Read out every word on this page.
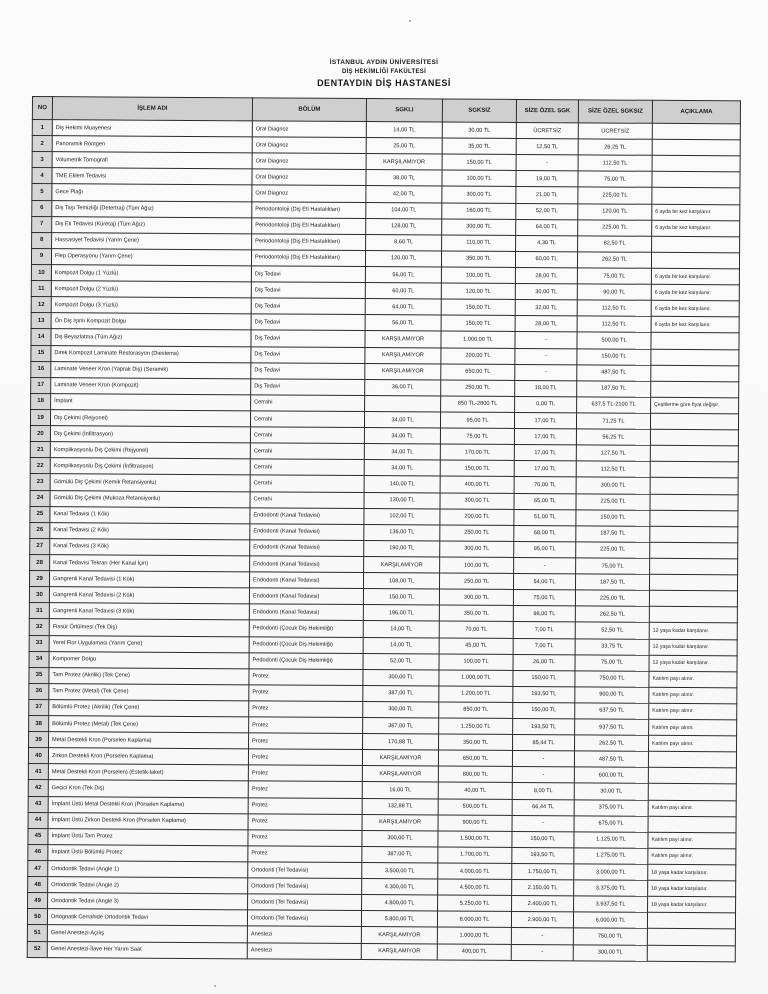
İSTANBUL AYDIN ÜNİVERSİTESİ
DİŞ HEKİMLİĞİ FAKÜLTESİ
DENTAYDIN DİŞ HASTANESİ
NO	İŞLEM ADI	BÖLÜM	SGKLI	SGKSIZ	SİZE ÖZEL SGK	SİZE ÖZEL SGKSIZ	AÇIKLAMA
1	Diş Hekimi Muayenesi	Oral Diagnoz	14,00 TL	30,00 TL	ÜCRETSİZ	ÜCRETSİZ	
2	Panoramik Röntgen	Oral Diagnoz	25,00 TL	35,00 TL	12,50 TL	26,25 TL	
3	Volumetrik Tomografi	Oral Diagnoz	KARŞILAMIYOR	150,00 TL	-	112,50 TL	
4	TME Eklem Tedavisi	Oral Diagnoz	38,00 TL	100,00 TL	19,00 TL	75,00 TL	
5	Gece Plağı	Oral Diagnoz	42,00 TL	300,00 TL	21,00 TL	225,00 TL	
6	Diş Taşı Temizliği (Detertraj) (Tüm Ağız)	Periodontoloji (Diş Eti Hastalıkları)	104,00 TL	160,00 TL	52,00 TL	120,00 TL	6 ayda bir kez karşılanır.
7	Diş Eti Tedavisi (Küretaj) (Tüm Ağız)	Periodontoloji (Diş Eti Hastalıkları)	128,00 TL	300,00 TL	64,00 TL	225,00 TL	6 ayda bir kez karşılanır.
8	Hassasiyet Tedavisi (Yarım Çene)	Periodontoloji (Diş Eti Hastalıkları)	8,60 TL	110,00 TL	4,30 TL	82,50 TL	
9	Flep Operasyonu (Yarım Çene)	Periodontoloji (Diş Eti Hastalıkları)	120,00 TL	350,00 TL	60,00 TL	262,50 TL	
10	Kompozit Dolgu (1 Yüzlü)	Diş Tedavi	56,00 TL	100,00 TL	28,00 TL	75,00 TL	6 ayda bir kez karşılanır.
11	Kompozit Dolgu (2 Yüzlü)	Diş Tedavi	60,00 TL	120,00 TL	30,00 TL	90,00 TL	6 ayda bir kez karşılanır.
12	Kompozit Dolgu (3 Yüzlü)	Diş Tedavi	64,00 TL	150,00 TL	32,00 TL	112,50 TL	6 ayda bir kez karşılanır.
13	Ön Diş Işınlı Kompozit Dolgu	Diş Tedavi	56,00 TL	150,00 TL	28,00 TL	112,50 TL	6 ayda bir kez karşılanır.
14	Diş Beyazlatma (Tüm Ağız)	Diş Tedavi	KARŞILAMIYOR	1.000,00 TL	-	500,00 TL	
15	Direk Kompozit Laminate Restorasyon (Diestema)	Diş Tedavi	KARŞILAMIYOR	200,00 TL	-	150,00 TL	
16	Laminate Veneer Kron (Yaprak Diş) (Seramik)	Diş Tedavi	KARŞILAMIYOR	650,00 TL	-	487,50 TL	
17	Laminate Veneer Kron (Kompozit)	Diş Tedavi	36,00 TL	250,00 TL	18,00 TL	187,50 TL	
18	İmplant	Cerrahi		850 TL-2800 TL	0,00 TL	637,5 TL-2100 TL	Çeşitlerine göre fiyat değişir.
19	Diş Çekimi (Rejyonel)	Cerrahi	34,00 TL	95,00 TL	17,00 TL	71,25 TL	
20	Diş Çekimi (İnfiltrasyon)	Cerrahi	34,00 TL	75,00 TL	17,00 TL	56,25 TL	
21	Komplikasyonlu Diş Çekimi (Rejyonel)	Cerrahi	34,00 TL	170,00 TL	17,00 TL	127,50 TL	
22	Komplikasyonlu Diş Çekimi (İnfiltrasyon)	Cerrahi	34,00 TL	150,00 TL	17,00 TL	112,50 TL	
23	Gömülü Diş Çekimi (Kemik Retansiyonlu)	Cerrahi	140,00 TL	400,00 TL	70,00 TL	300,00 TL	
24	Gömülü Diş Çekimi (Mukoza Retansiyonlu)	Cerrahi	130,00 TL	300,00 TL	65,00 TL	225,00 TL	
25	Kanal Tedavisi (1 Kök)	Endodonti (Kanal Tedavisi)	102,00 TL	200,00 TL	51,00 TL	150,00 TL	
26	Kanal Tedavisi (2 Kök)	Endodonti (Kanal Tedavisi)	136,00 TL	250,00 TL	68,00 TL	187,50 TL	
27	Kanal Tedavisi (3 Kök)	Endodonti (Kanal Tedavisi)	190,00 TL	300,00 TL	95,00 TL	225,00 TL	
28	Kanal Tedavisi Tekrarı (Her Kanal İçin)	Endodonti (Kanal Tedavisi)	KARŞILAMIYOR	100,00 TL	-	75,00 TL	
29	Gangrenli Kanal Tedavisi (1 Kök)	Endodonti (Kanal Tedavisi)	108,00 TL	250,00 TL	54,00 TL	187,50 TL	
30	Gangrenli Kanal Tedavisi (2 Kök)	Endodonti (Kanal Tedavisi)	150,00 TL	300,00 TL	75,00 TL	225,00 TL	
31	Gangrenli Kanal Tedavisi (3 Kök)	Endodonti (Kanal Tedavisi)	196,00 TL	350,00 TL	98,00 TL	262,50 TL	
32	Fissür Örtülmesi (Tek Diş)	Pedodonti (Çocuk Diş Hekimliği)	14,00 TL	70,00 TL	7,00 TL	52,50 TL	12 yaşa kadar karşılanır.
33	Yerel Flor Uygulaması (Yarım Çene)	Pedodonti (Çocuk Diş Hekimliği)	14,00 TL	45,00 TL	7,00 TL	33,75 TL	12 yaşa kadar karşılanır.
34	Kompomer Dolgu	Pedodonti (Çocuk Diş Hekimliği)	52,00 TL	100,00 TL	26,00 TL	75,00 TL	12 yaşa kadar karşılanır.
35	Tam Protez (Akrilik) (Tek Çene)	Protez	300,00 TL	1.000,00 TL	150,00 TL	750,00 TL	Katılım payı alınır.
36	Tam Protez (Metal) (Tek Çene)	Protez	387,00 TL	1.200,00 TL	193,50 TL	900,00 TL	Katılım payı alınır.
37	Bölümlü Protez (Akrilik) (Tek Çene)	Protez	300,00 TL	850,00 TL	150,00 TL	637,50 TL	Katılım payı alınır.
38	Bölümlü Protez (Metal) (Tek Çene)	Protez	387,00 TL	1.250,00 TL	193,50 TL	937,50 TL	Katılım payı alınır.
39	Metal Destekli Kron (Porselen Kaplama)	Protez	170,88 TL	350,00 TL	85,44 TL	262,50 TL	Katılım payı alınır.
40	Zirkon Destekli Kron (Porselen Kaplama)	Protez	KARŞILAMIYOR	650,00 TL	-	487,50 TL	
41	Metal Destekli Kron (Porselen) (Estetik-laket)	Protez	KARŞILAMIYOR	800,00 TL	-	600,00 TL	
42	Geçici Kron (Tek Diş)	Protez	16,00 TL	40,00 TL	8,00 TL	30,00 TL	
43	İmplant Üstü Metal Destekli Kron (Porselen Kaplama)	Protez	132,88 TL	500,00 TL	66,44 TL	375,00 TL	Katılım payı alınır.
44	İmplant Üstü Zirkon Destekli Kron (Porselen Kaplama)	Protez	KARŞILAMIYOR	900,00 TL	-	675,00 TL	
45	İmplant Üstü Tam Protez	Protez	300,00 TL	1.500,00 TL	150,00 TL	1.125,00 TL	Katılım payı alınır.
46	İmplant Üstü Bölümlü Protez	Protez	387,00 TL	1.700,00 TL	193,50 TL	1.275,00 TL	Katılım payı alınır.
47	Ortodontik Tedavi (Angle 1)	Ortodonti (Tel Tedavisi)	3.500,00 TL	4.000,00 TL	1.750,00 TL	3.000,00 TL	18 yaşa kadar karşılanır.
48	Ortodontik Tedavi (Angle 2)	Ortodonti (Tel Tedavisi)	4.300,00 TL	4.500,00 TL	2.150,00 TL	3.375,00 TL	18 yaşa kadar karşılanır.
49	Ortodontik Tedavi (Angle 3)	Ortodonti (Tel Tedavisi)	4.800,00 TL	5.250,00 TL	2.400,00 TL	3.937,50 TL	18 yaşa kadar karşılanır.
50	Ortognatik Cerrahide Ortodontik Tedavi	Ortodonti (Tel Tedavisi)	5.800,00 TL	8.000,00 TL	2.900,00 TL	6.000,00 TL	
51	Genel Anestezi-Açılış	Anestezi	KARŞILAMIYOR	1.000,00 TL	-	750,00 TL	
52	Genel Anestezi-İlave Her Yarım Saat	Anestezi	KARŞILAMIYOR	400,00 TL	-	300,00 TL	
